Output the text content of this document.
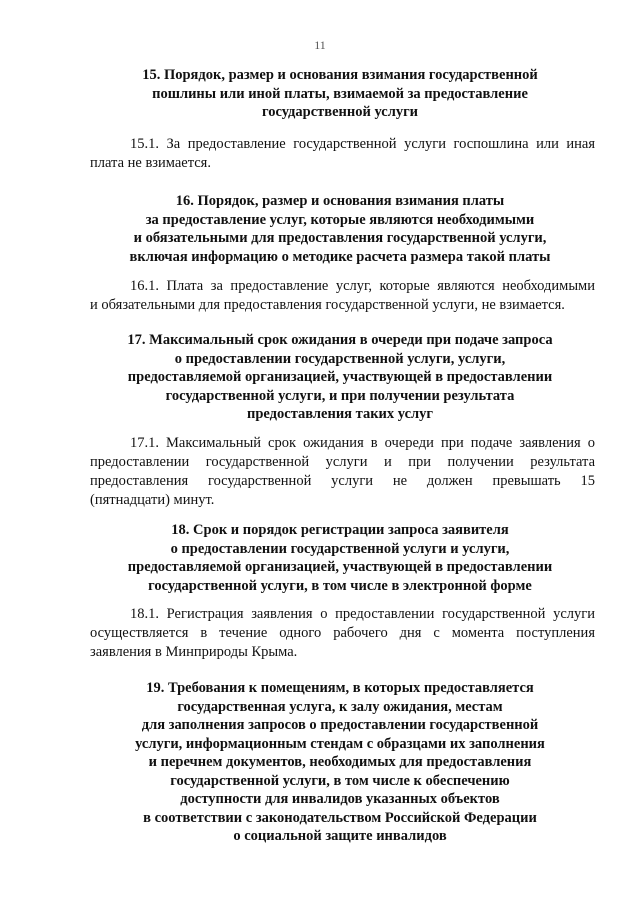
11
15. Порядок, размер и основания взимания государственной
пошлины или иной платы, взимаемой за предоставление
государственной услуги
15.1. За предоставление государственной услуги госпошлина или иная
плата не взимается.
16. Порядок, размер и основания взимания платы
за предоставление услуг, которые являются необходимыми
и обязательными для предоставления государственной услуги,
включая информацию о методике расчета размера такой платы
16.1. Плата за предоставление услуг, которые являются необходимыми
и обязательными для предоставления государственной услуги, не взимается.
17. Максимальный срок ожидания в очереди при подаче запроса
о предоставлении государственной услуги, услуги,
предоставляемой организацией, участвующей в предоставлении
государственной услуги, и при получении результата
предоставления таких услуг
17.1. Максимальный срок ожидания в очереди при подаче заявления о
предоставлении государственной услуги и при получении результата
предоставления государственной услуги не должен превышать 15
(пятнадцати) минут.
18. Срок и порядок регистрации запроса заявителя
о предоставлении государственной услуги и услуги,
предоставляемой организацией, участвующей в предоставлении
государственной услуги, в том числе в электронной форме
18.1. Регистрация заявления о предоставлении государственной услуги
осуществляется в течение одного рабочего дня с момента поступления
заявления в Минприроды Крыма.
19. Требования к помещениям, в которых предоставляется
государственная услуга, к залу ожидания, местам
для заполнения запросов о предоставлении государственной
услуги, информационным стендам с образцами их заполнения
и перечнем документов, необходимых для предоставления
государственной услуги, в том числе к обеспечению
доступности для инвалидов указанных объектов
в соответствии с законодательством Российской Федерации
о социальной защите инвалидов
